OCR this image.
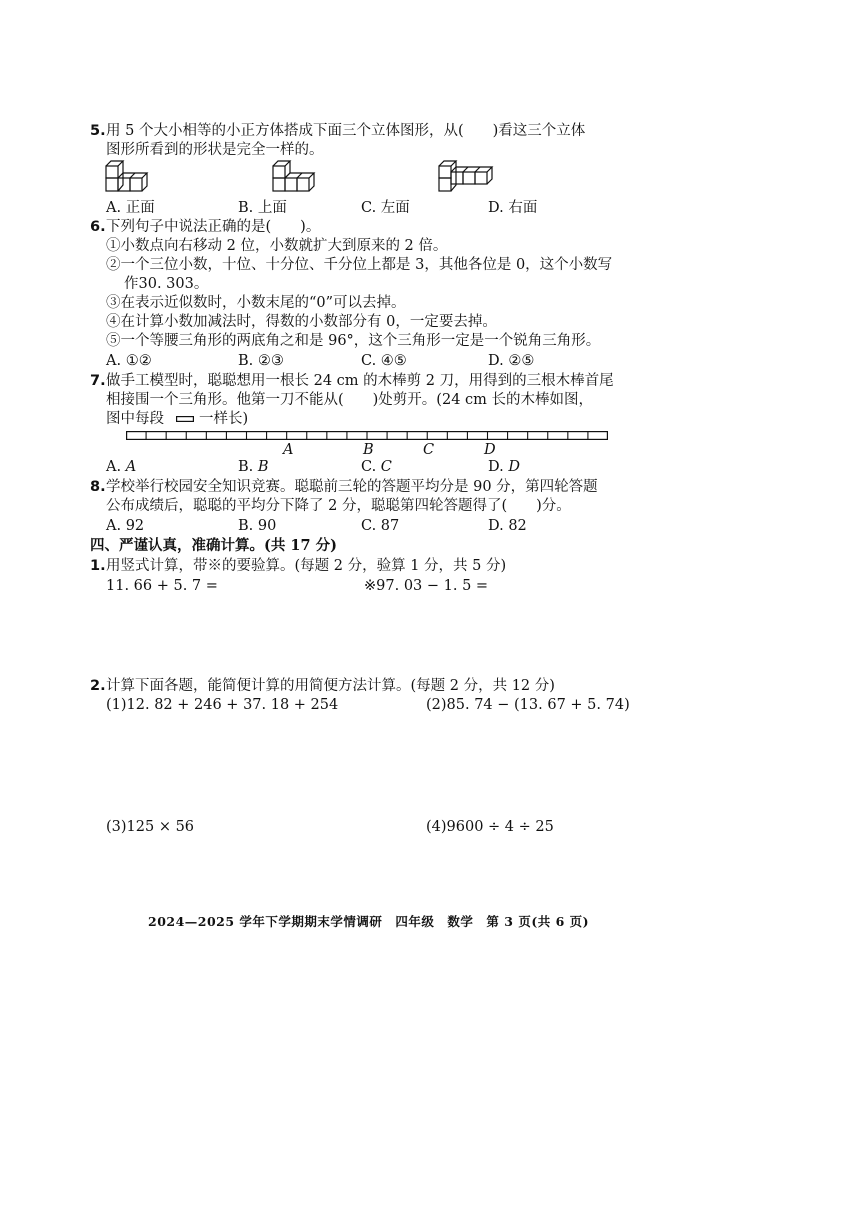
5. 用 5 个大小相等的小正方体搭成下面三个立体图形，从(　　)看这三个立体
图形所看到的形状是完全一样的。
A. 正面	B. 上面	C. 左面	D. 右面
6. 下列句子中说法正确的是(　　)。
①小数点向右移动 2 位，小数就扩大到原来的 2 倍。
②一个三位小数，十位、十分位、千分位上都是 3，其他各位是 0，这个小数写
作30. 303。
③在表示近似数时，小数末尾的“0”可以去掉。
④在计算小数加减法时，得数的小数部分有 0，一定要去掉。
⑤一个等腰三角形的两底角之和是 96°，这个三角形一定是一个锐角三角形。
A. ①②	B. ②③	C. ④⑤	D. ②⑤
7. 做手工模型时，聪聪想用一根长 24 cm 的木棒剪 2 刀，用得到的三根木棒首尾
相接围一个三角形。他第一刀不能从(　　)处剪开。(24 cm 长的木棒如图，
图中每段 一样长)
A	B	C	D
A. A	B. B	C. C	D. D
8. 学校举行校园安全知识竞赛。聪聪前三轮的答题平均分是 90 分，第四轮答题
公布成绩后，聪聪的平均分下降了 2 分，聪聪第四轮答题得了(　　)分。
A. 92	B. 90	C. 87	D. 82
四、严谨认真，准确计算。(共 17 分)
1. 用竖式计算，带※的要验算。(每题 2 分，验算 1 分，共 5 分)
11. 66 + 5. 7 =	※97. 03 − 1. 5 =
2. 计算下面各题，能简便计算的用简便方法计算。(每题 2 分，共 12 分)
(1)12. 82 + 246 + 37. 18 + 254	(2)85. 74 − (13. 67 + 5. 74)
(3)125 × 56	(4)9600 ÷ 4 ÷ 25
2024—2025 学年下学期期末学情调研　四年级　数学　第 3 页(共 6 页)
